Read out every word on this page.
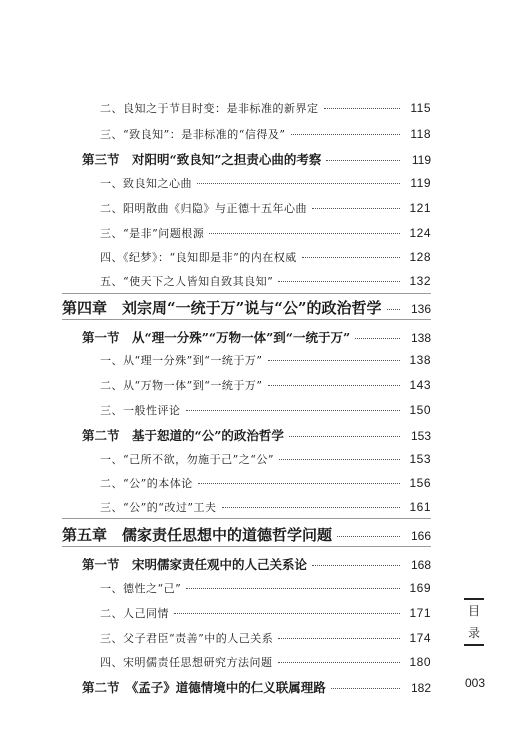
二、良知之于节目时变：是非标准的新界定	115
三、“致良知”：是非标准的“信得及”	118
第三节　对阳明“致良知”之担责心曲的考察	119
一、致良知之心曲	119
二、阳明散曲《归隐》与正德十五年心曲	121
三、“是非”问题根源	124
四、《纪梦》：“良知即是非”的内在权威	128
五、“使天下之人皆知自致其良知”	132
第四章　刘宗周“一统于万”说与“公”的政治哲学	136
第一节　从“理一分殊”“万物一体”到“一统于万”	138
一、从“理一分殊”到“一统于万”	138
二、从“万物一体”到“一统于万”	143
三、一般性评论	150
第二节　基于恕道的“公”的政治哲学	153
一、“己所不欲，勿施于己”之“公”	153
二、“公”的本体论	156
三、“公”的“改过”工夫	161
第五章　儒家责任思想中的道德哲学问题	166
第一节　宋明儒家责任观中的人己关系论	168
一、德性之“己”	169
二、人己同情	171
三、父子君臣“责善”中的人己关系	174
四、宋明儒责任思想研究方法问题	180
第二节　《孟子》道德情境中的仁义联属理路	182
目
录
003
